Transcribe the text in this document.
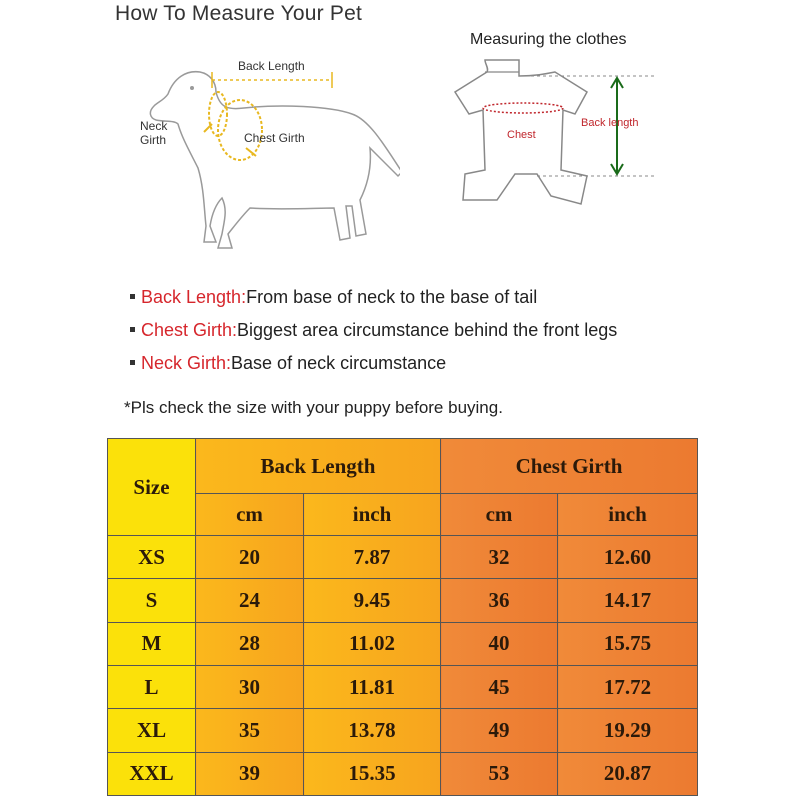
How To Measure Your Pet
Back Length
Neck
Girth	Chest Girth
Measuring the clothes
Chest
Back length
Back Length:From base of neck to the base of tail
Chest Girth:Biggest area circumstance behind the front legs
Neck Girth:Base of neck circumstance
*Pls check the size with your puppy before buying.
Size	Back Length		Chest Girth	
	cm	inch	cm	inch
XS	20	7.87	32	12.60
S	24	9.45	36	14.17
M	28	11.02	40	15.75
L	30	11.81	45	17.72
XL	35	13.78	49	19.29
XXL	39	15.35	53	20.87
